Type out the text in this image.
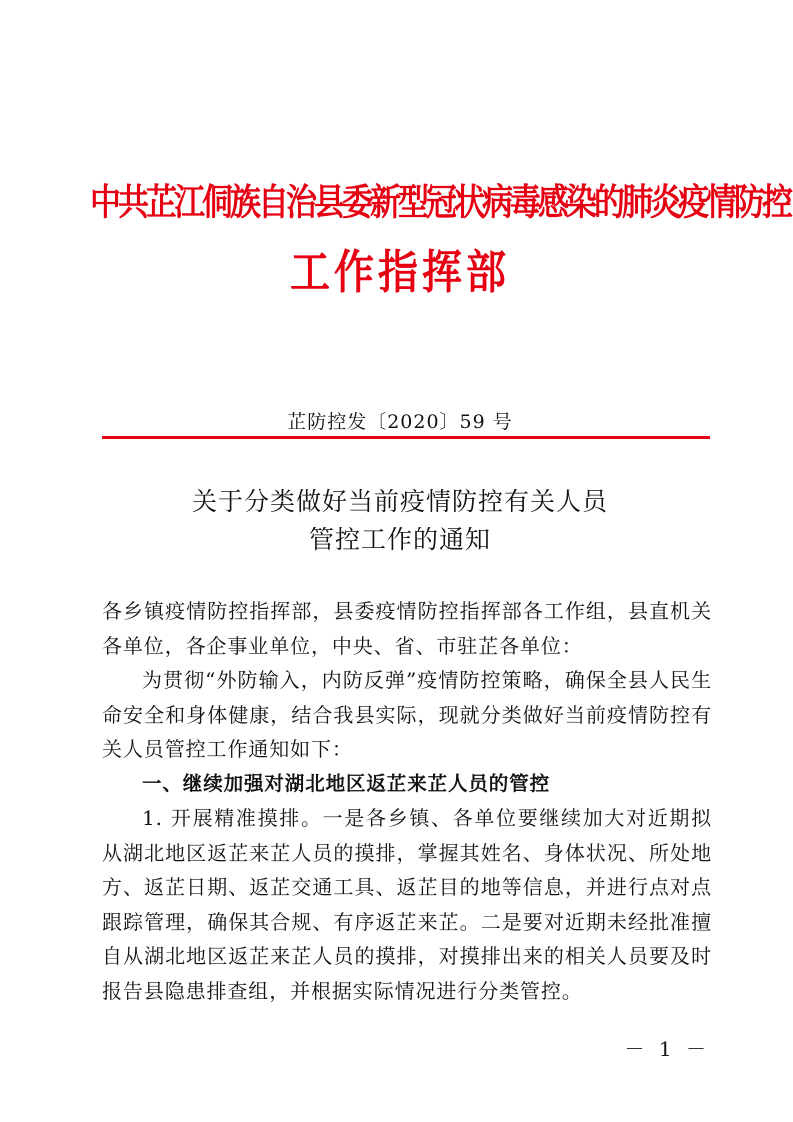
中共芷江侗族自治县委新型冠状病毒感染的肺炎疫情防控
工作指挥部
芷防控发〔2020〕59 号
关于分类做好当前疫情防控有关人员
管控工作的通知

各乡镇疫情防控指挥部，县委疫情防控指挥部各工作组，县直机关各单位，各企事业单位，中央、省、市驻芷各单位：

为贯彻“外防输入，内防反弹”疫情防控策略，确保全县人民生命安全和身体健康，结合我县实际，现就分类做好当前疫情防控有关人员管控工作通知如下：

一、继续加强对湖北地区返芷来芷人员的管控

1. 开展精准摸排。一是各乡镇、各单位要继续加大对近期拟从湖北地区返芷来芷人员的摸排，掌握其姓名、身体状况、所处地方、返芷日期、返芷交通工具、返芷目的地等信息，并进行点对点跟踪管理，确保其合规、有序返芷来芷。二是要对近期未经批准擅自从湖北地区返芷来芷人员的摸排，对摸排出来的相关人员要及时报告县隐患排查组，并根据实际情况进行分类管控。

－ 1 －
